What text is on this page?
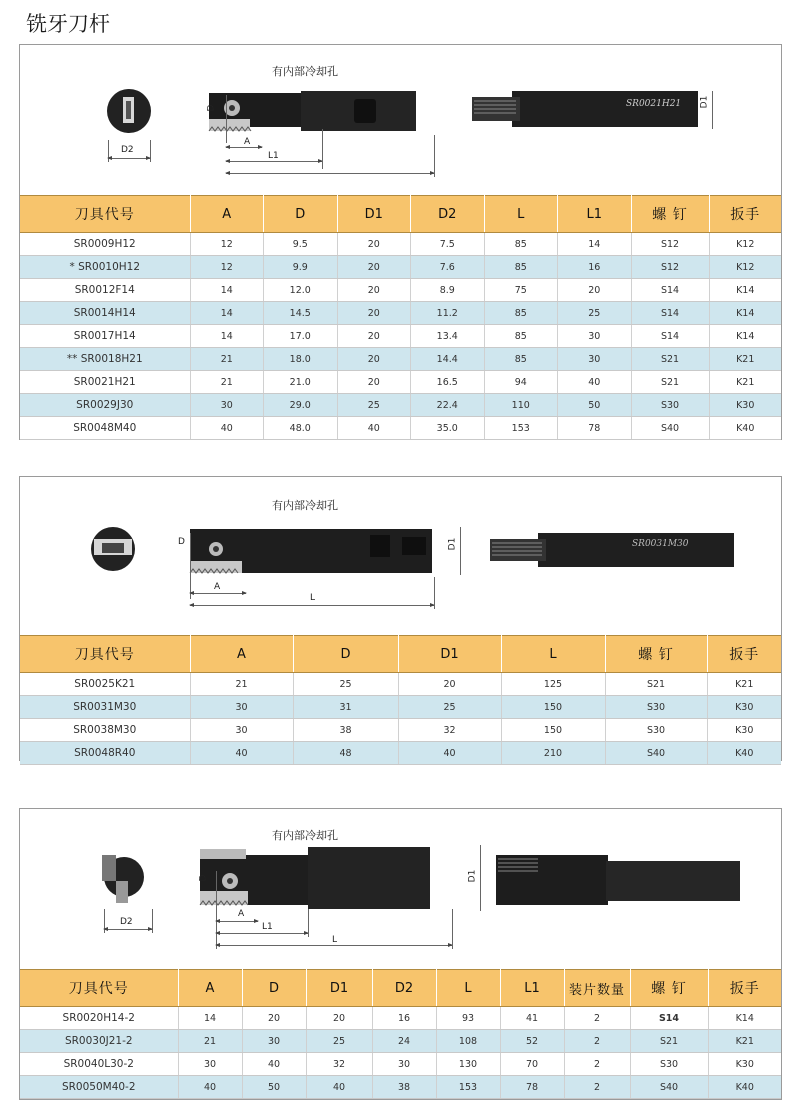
铣牙刀杆
有内部冷却孔
D2
D
A
L1
SR0021H21 D1
刀具代号	A	D	D1	D2	L	L1	螺 钉	扳手
SR0009H12	12	9.5	20	7.5	85	14	S12	K12
* SR0010H12	12	9.9	20	7.6	85	16	S12	K12
SR0012F14	14	12.0	20	8.9	75	20	S14	K14
SR0014H14	14	14.5	20	11.2	85	25	S14	K14
SR0017H14	14	17.0	20	13.4	85	30	S14	K14
** SR0018H21	21	18.0	20	14.4	85	30	S21	K21
SR0021H21	21	21.0	20	16.5	94	40	S21	K21
SR0029J30	30	29.0	25	22.4	110	50	S30	K30
SR0048M40	40	48.0	40	35.0	153	78	S40	K40
有内部冷却孔
D
A
L
D1	SR0031M30
刀具代号	A	D	D1	L	螺 钉	扳手
SR0025K21	21	25	20	125	S21	K21
SR0031M30	30	31	25	150	S30	K30
SR0038M30	30	38	32	150	S30	K30
SR0048R40	40	48	40	210	S40	K40
有内部冷却孔
D2
D
A
L1
L
D1
刀具代号	A	D	D1	D2	L	L1	装片数量	螺 钉	扳手
SR0020H14-2	14	20	20	16	93	41	2	S14	K14
SR0030J21-2	21	30	25	24	108	52	2	S21	K21
SR0040L30-2	30	40	32	30	130	70	2	S30	K30
SR0050M40-2	40	50	40	38	153	78	2	S40	K40
